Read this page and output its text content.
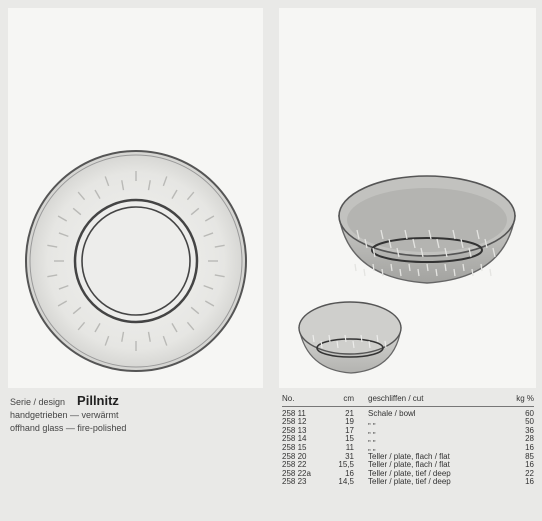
Serie / design Pillnitz
handgetrieben — verwärmt
offhand glass — fire-polished
No.	cm	geschliffen / cut	kg %
258 11	21	Schale / bowl	60
258 12	19	„ „	50
258 13	17	„ „	36
258 14	15	„ „	28
258 15	11	„ „	16
258 20	31	Teller / plate, flach / flat	85
258 22	15,5	Teller / plate, flach / flat	16
258 22a	16	Teller / plate, tief / deep	22
258 23	14,5	Teller / plate, tief / deep	16
